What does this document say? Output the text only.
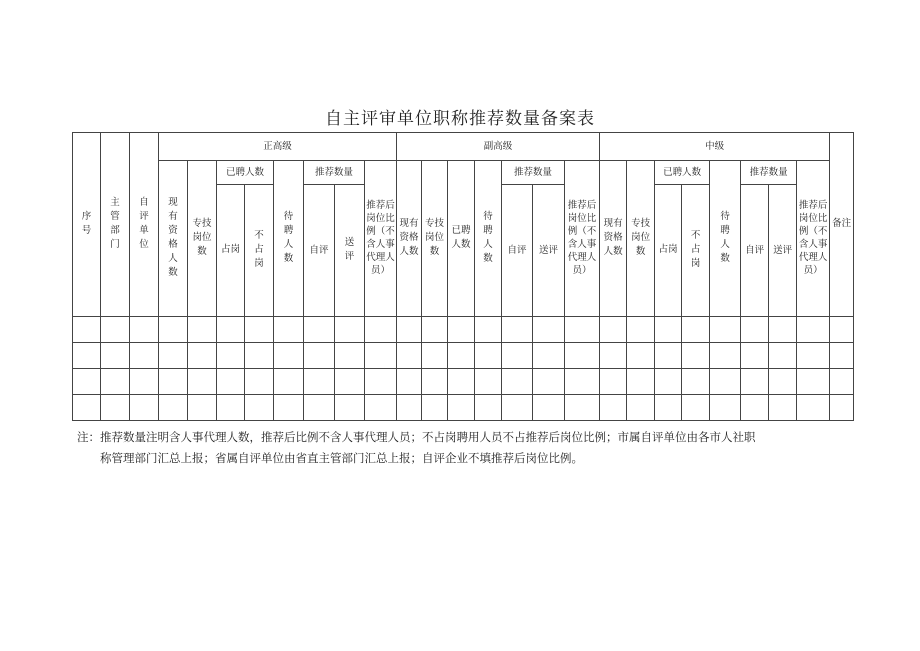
自主评审单位职称推荐数量备案表
序号	主管部门	自评单位	正高级								副高级							中级								备注

			现有资格人数	专技岗位数	已聘人数		待聘人数	推荐数量		推荐后岗位比例（不含人事代理人员）	现有资格人数	专技岗位数	已聘人数	待聘人数	推荐数量		推荐后岗位比例（不含人事代理人员）	现有资格人数	专技岗位数	已聘人数		待聘人数	推荐数量		推荐后岗位比例（不含人事代理人员）	

					占岗	不占岗		自评	送评						自评	送评				占岗	不占岗		自评	送评		

注：推荐数量注明含人事代理人数，推荐后比例不含人事代理人员；不占岗聘用人员不占推荐后岗位比例；市属自评单位由各市人社职
称管理部门汇总上报；省属自评单位由省直主管部门汇总上报；自评企业不填推荐后岗位比例。
